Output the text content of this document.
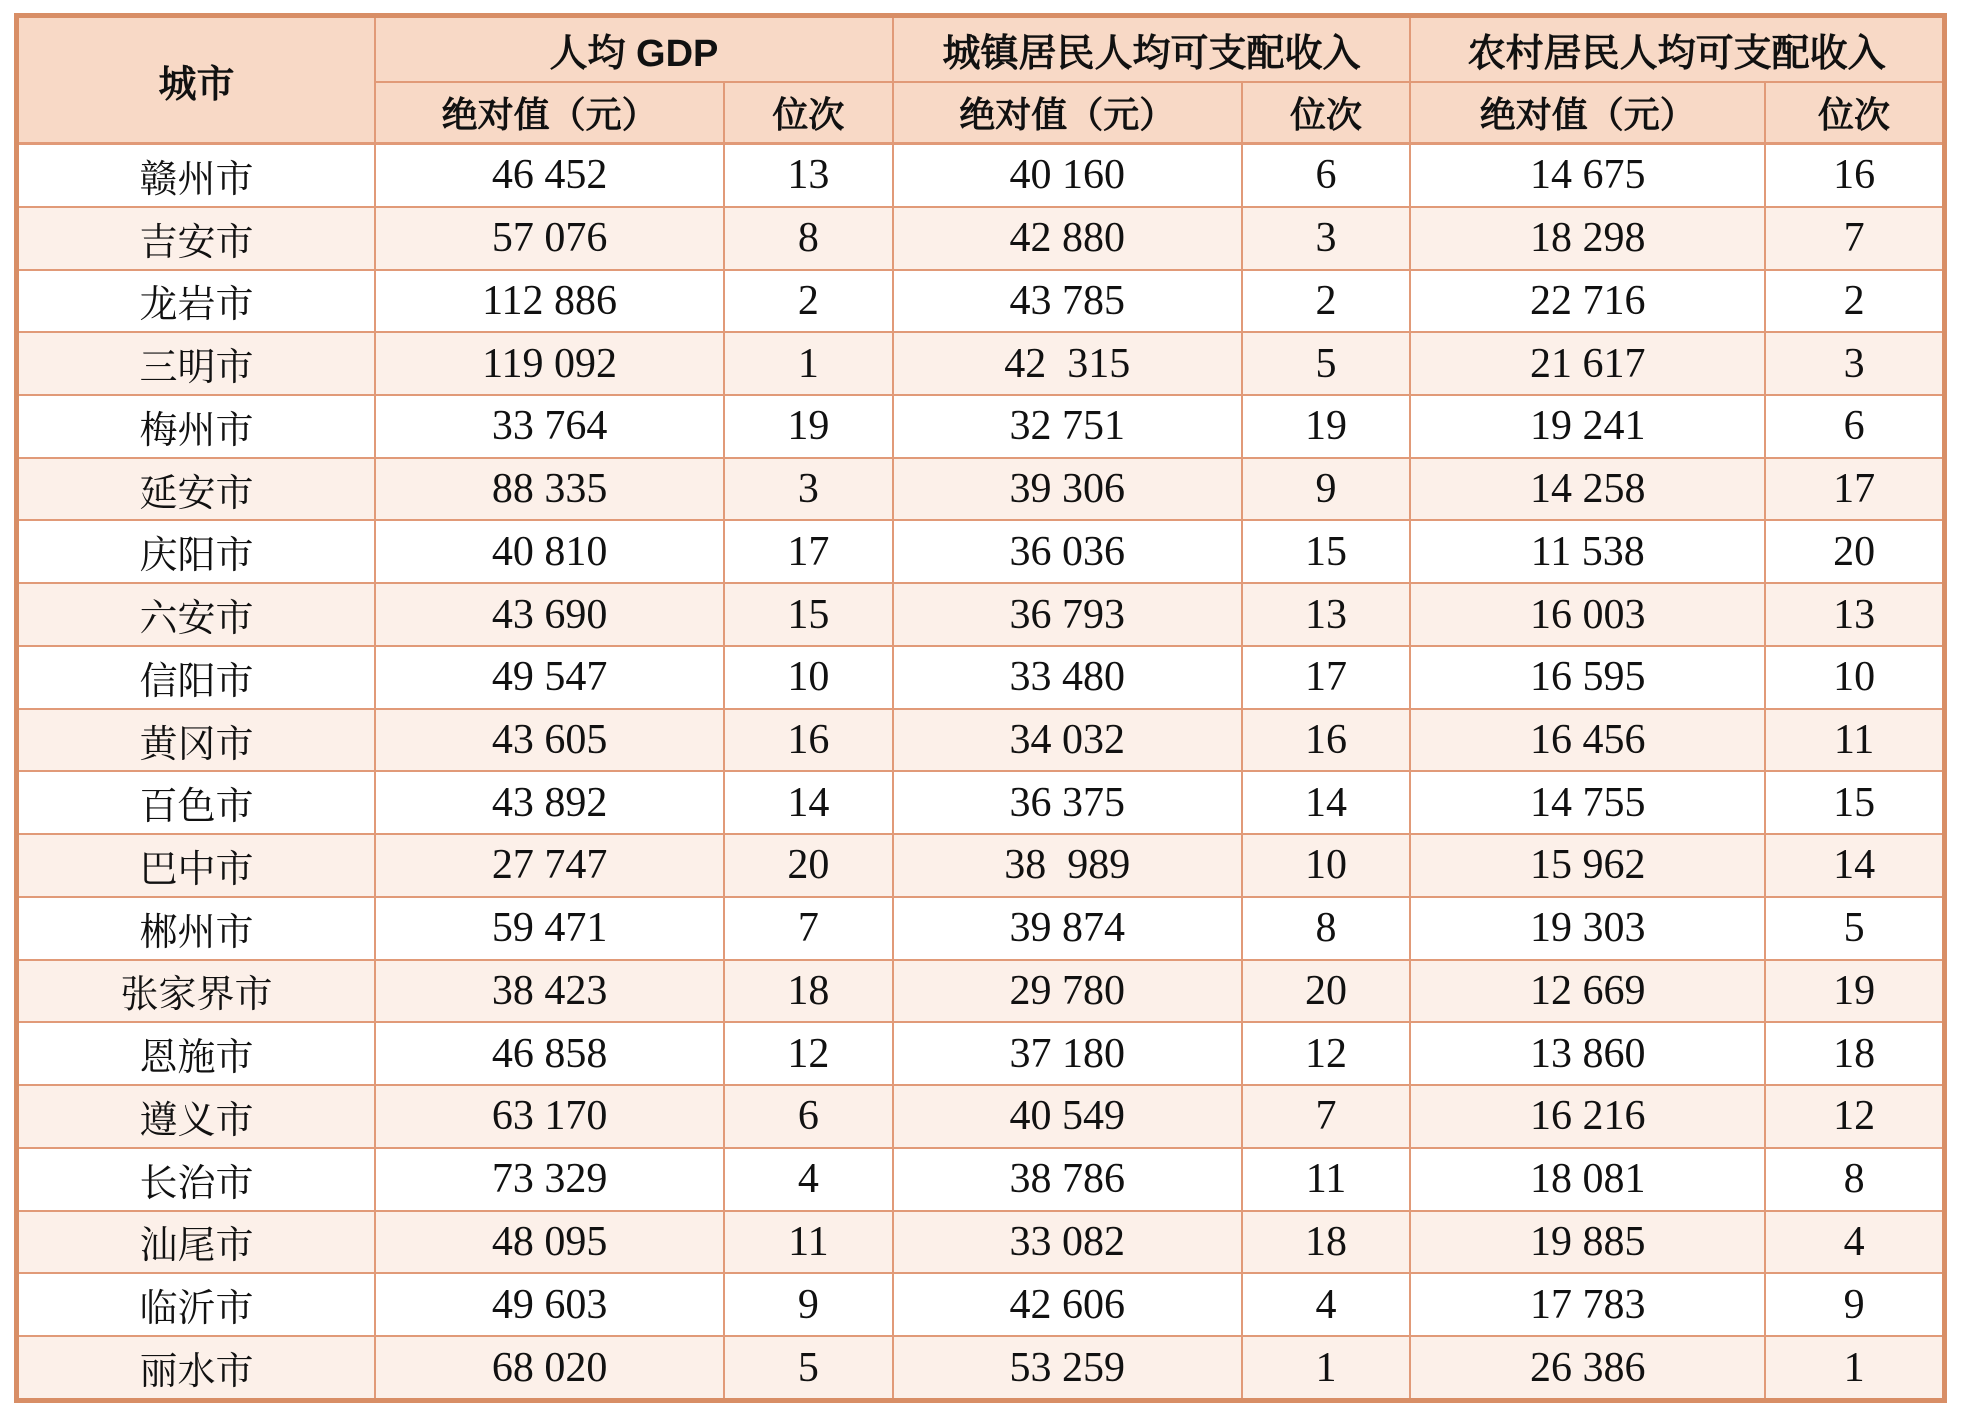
城市	人均 GDP		城镇居民人均可支配收入		农村居民人均可支配收入	
	绝对值（元）	位次	绝对值（元）	位次	绝对值（元）	位次
赣州市	46 452	13	40 160	6	14 675	16
吉安市	57 076	8	42 880	3	18 298	7
龙岩市	112 886	2	43 785	2	22 716	2
三明市	119 092	1	42  315	5	21 617	3
梅州市	33 764	19	32 751	19	19 241	6
延安市	88 335	3	39 306	9	14 258	17
庆阳市	40 810	17	36 036	15	11 538	20
六安市	43 690	15	36 793	13	16 003	13
信阳市	49 547	10	33 480	17	16 595	10
黄冈市	43 605	16	34 032	16	16 456	11
百色市	43 892	14	36 375	14	14 755	15
巴中市	27 747	20	38  989	10	15 962	14
郴州市	59 471	7	39 874	8	19 303	5
张家界市	38 423	18	29 780	20	12 669	19
恩施市	46 858	12	37 180	12	13 860	18
遵义市	63 170	6	40 549	7	16 216	12
长治市	73 329	4	38 786	11	18 081	8
汕尾市	48 095	11	33 082	18	19 885	4
临沂市	49 603	9	42 606	4	17 783	9
丽水市	68 020	5	53 259	1	26 386	1
